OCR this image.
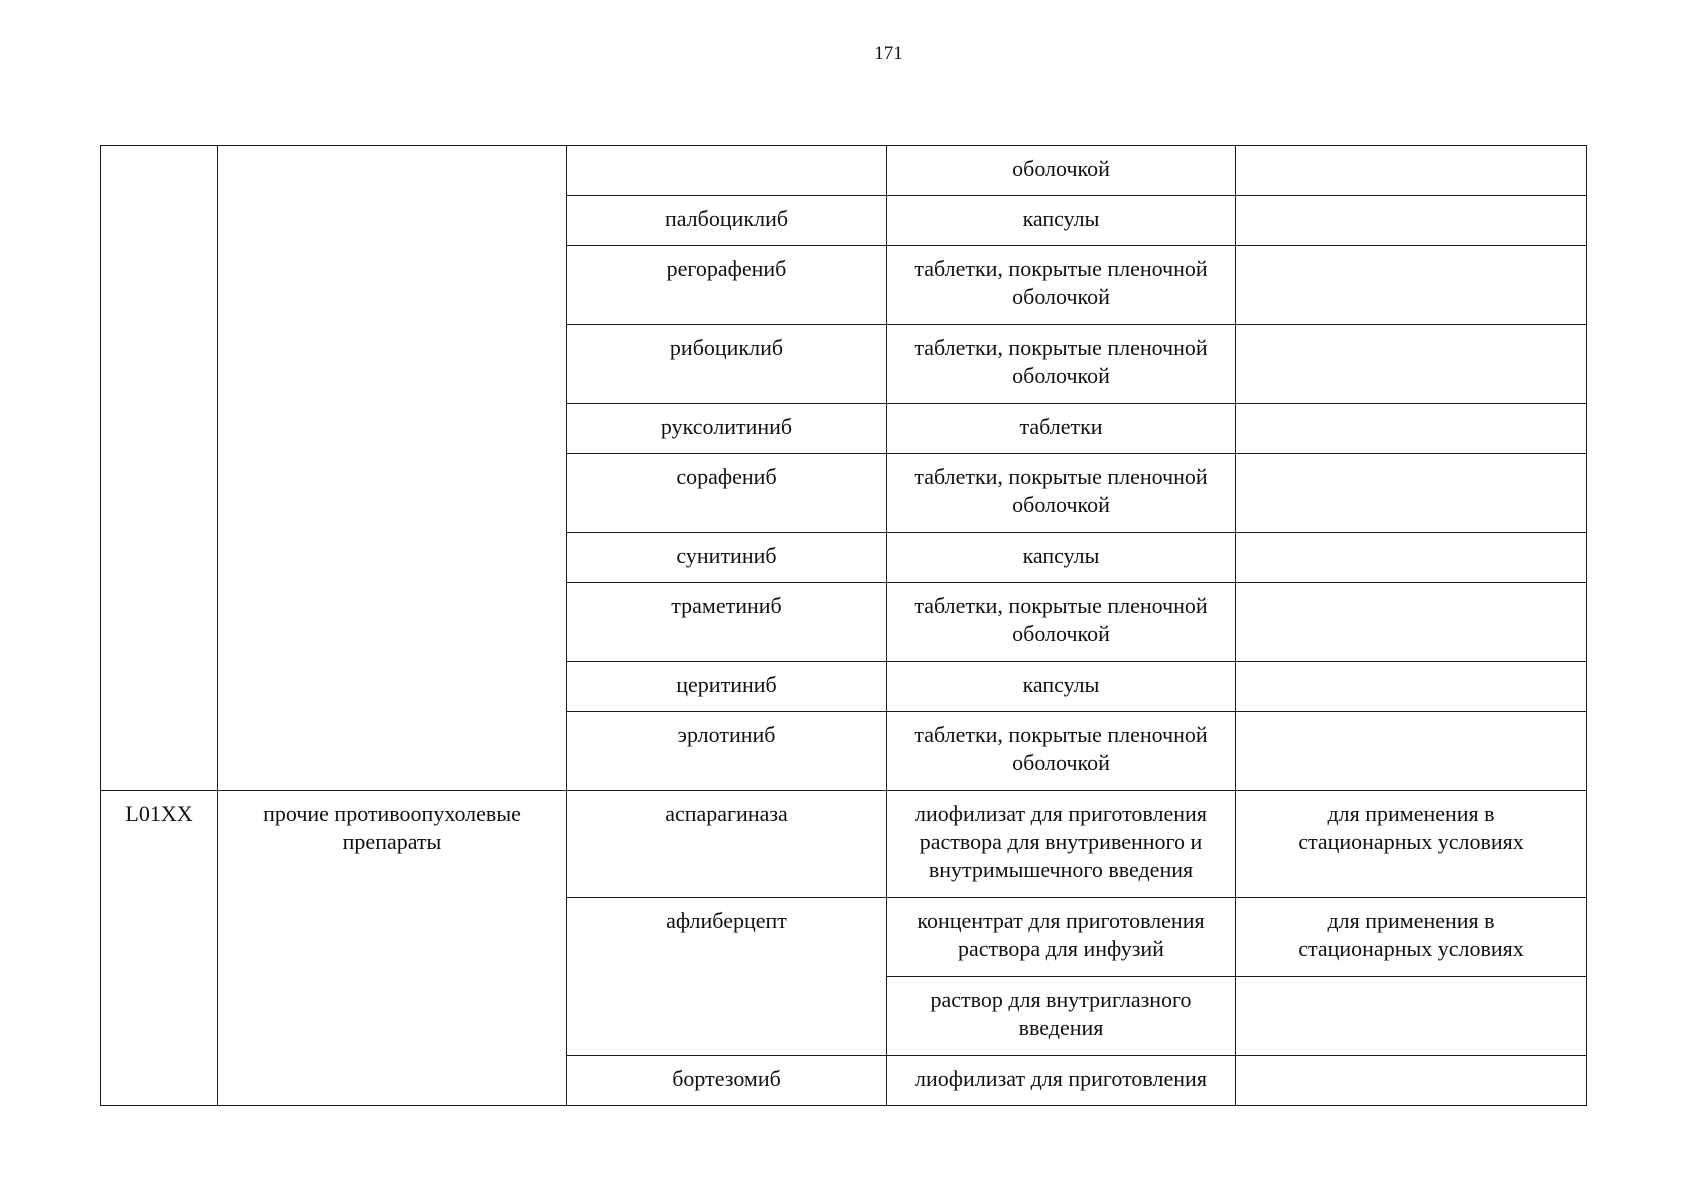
171

			оболочкой	

		палбоциклиб	капсулы	

		регорафениб	таблетки, покрытые пленочной
оболочкой	

		рибоциклиб	таблетки, покрытые пленочной
оболочкой	

		руксолитиниб	таблетки	

		сорафениб	таблетки, покрытые пленочной
оболочкой	

		сунитиниб	капсулы	

		траметиниб	таблетки, покрытые пленочной
оболочкой	

		церитиниб	капсулы	

		эрлотиниб	таблетки, покрытые пленочной
оболочкой	

L01XX	прочие противоопухолевые
препараты	аспарагиназа	лиофилизат для приготовления
раствора для внутривенного и
внутримышечного введения	для применения в
стационарных условиях

		афлиберцепт	концентрат для приготовления
раствора для инфузий	для применения в
стационарных условиях

			раствор для внутриглазного
введения	

		бортезомиб	лиофилизат для приготовления	
